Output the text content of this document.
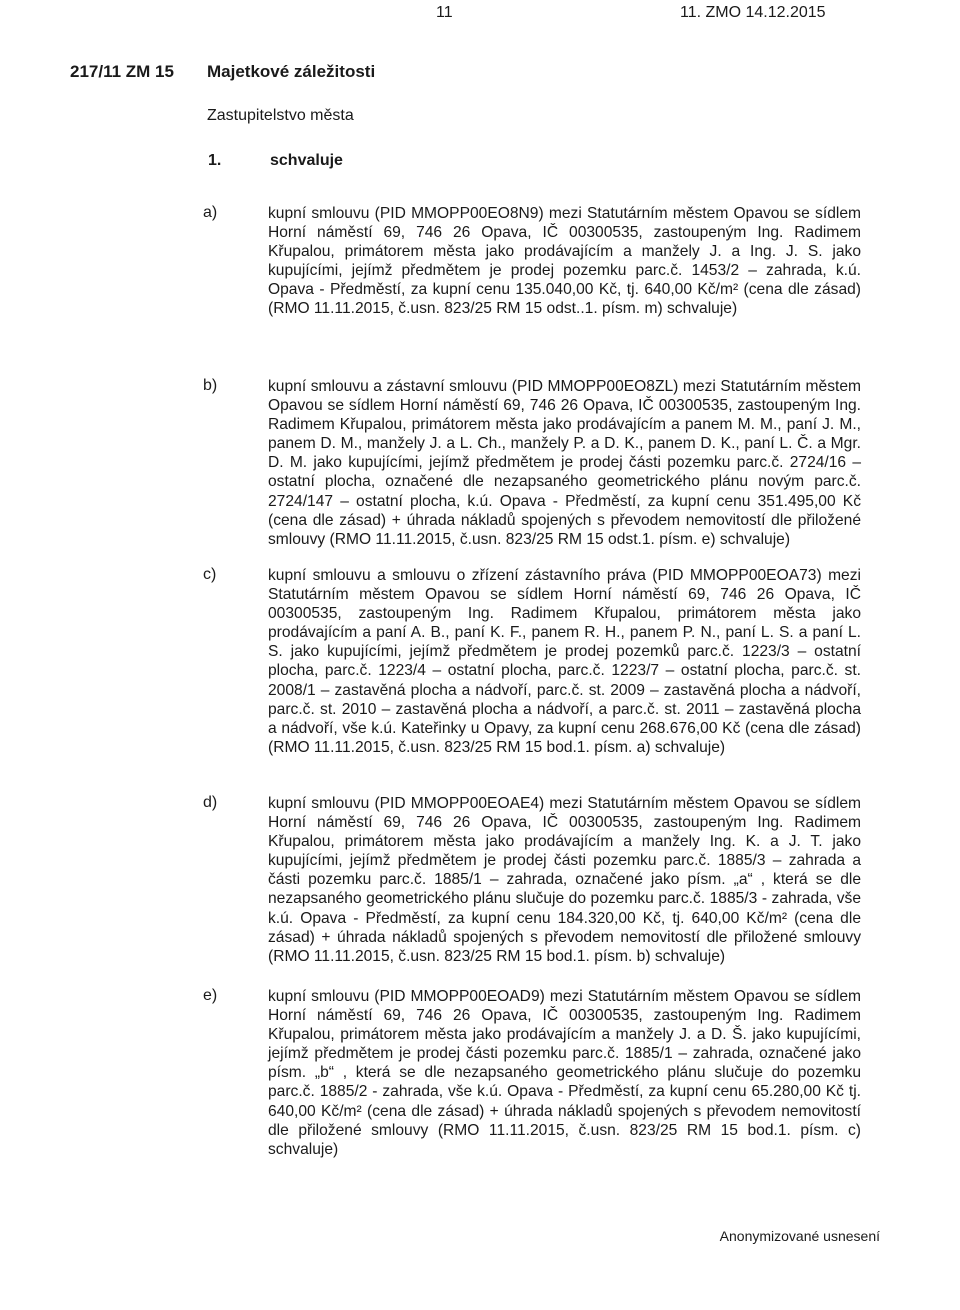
11	11. ZMO 14.12.2015
217/11 ZM 15 Majetkové záležitosti
Zastupitelstvo města
1.	schvaluje
a)	kupní smlouvu (PID MMOPP00EO8N9) mezi Statutárním městem Opavou se sídlem Horní náměstí 69, 746 26 Opava, IČ 00300535, zastoupeným Ing. Radimem Křupalou, primátorem města jako prodávajícím a manžely J. a Ing. J. S. jako kupujícími, jejímž předmětem je prodej pozemku parc.č. 1453/2 – zahrada, k.ú. Opava - Předměstí, za kupní cenu 135.040,00 Kč, tj. 640,00 Kč/m² (cena dle zásad) (RMO 11.11.2015, č.usn. 823/25 RM 15 odst..1. písm. m) schvaluje)

b)	kupní smlouvu a zástavní smlouvu (PID MMOPP00EO8ZL) mezi Statutárním městem Opavou se sídlem Horní náměstí 69, 746 26 Opava, IČ 00300535, zastoupeným Ing. Radimem Křupalou, primátorem města jako prodávajícím a panem M. M., paní J. M., panem D. M., manžely J. a L. Ch., manžely P. a D. K., panem D. K., paní L. Č. a Mgr. D. M. jako kupujícími, jejímž předmětem je prodej části pozemku parc.č. 2724/16 – ostatní plocha, označené dle nezapsaného geometrického plánu novým parc.č. 2724/147 – ostatní plocha, k.ú. Opava - Předměstí, za kupní cenu 351.495,00 Kč (cena dle zásad) + úhrada nákladů spojených s převodem nemovitostí dle přiložené smlouvy (RMO 11.11.2015, č.usn. 823/25 RM 15 odst.1. písm. e) schvaluje)

c)	kupní smlouvu a smlouvu o zřízení zástavního práva (PID MMOPP00EOA73) mezi Statutárním městem Opavou se sídlem Horní náměstí 69, 746 26 Opava, IČ 00300535, zastoupeným Ing. Radimem Křupalou, primátorem města jako prodávajícím a paní A. B., paní K. F., panem R. H., panem P. N., paní L. S. a paní L. S. jako kupujícími, jejímž předmětem je prodej pozemků parc.č. 1223/3 – ostatní plocha, parc.č. 1223/4 – ostatní plocha, parc.č. 1223/7 – ostatní plocha, parc.č. st. 2008/1 – zastavěná plocha a nádvoří, parc.č. st. 2009 – zastavěná plocha a nádvoří, parc.č. st. 2010 – zastavěná plocha a nádvoří, a parc.č. st. 2011 – zastavěná plocha a nádvoří, vše k.ú. Kateřinky u Opavy, za kupní cenu 268.676,00 Kč (cena dle zásad) (RMO 11.11.2015, č.usn. 823/25 RM 15 bod.1. písm. a) schvaluje)

d)	kupní smlouvu (PID MMOPP00EOAE4) mezi Statutárním městem Opavou se sídlem Horní náměstí 69, 746 26 Opava, IČ 00300535, zastoupeným Ing. Radimem Křupalou, primátorem města jako prodávajícím a manžely Ing. K. a J. T. jako kupujícími, jejímž předmětem je prodej části pozemku parc.č. 1885/3 – zahrada a části pozemku parc.č. 1885/1 – zahrada, označené jako písm. „a“ , která se dle nezapsaného geometrického plánu slučuje do pozemku parc.č. 1885/3 - zahrada, vše k.ú. Opava - Předměstí, za kupní cenu 184.320,00 Kč, tj. 640,00 Kč/m² (cena dle zásad) + úhrada nákladů spojených s převodem nemovitostí dle přiložené smlouvy (RMO 11.11.2015, č.usn. 823/25 RM 15 bod.1. písm. b) schvaluje)

e)	kupní smlouvu (PID MMOPP00EOAD9) mezi Statutárním městem Opavou se sídlem Horní náměstí 69, 746 26 Opava, IČ 00300535, zastoupeným Ing. Radimem Křupalou, primátorem města jako prodávajícím a manžely J. a D. Š. jako kupujícími, jejímž předmětem je prodej části pozemku parc.č. 1885/1 – zahrada, označené jako písm. „b“ , která se dle nezapsaného geometrického plánu slučuje do pozemku parc.č. 1885/2 - zahrada, vše k.ú. Opava - Předměstí, za kupní cenu 65.280,00 Kč tj. 640,00 Kč/m² (cena dle zásad) + úhrada nákladů spojených s převodem nemovitostí dle přiložené smlouvy (RMO 11.11.2015, č.usn. 823/25 RM 15 bod.1. písm. c) schvaluje)

Anonymizované usnesení
